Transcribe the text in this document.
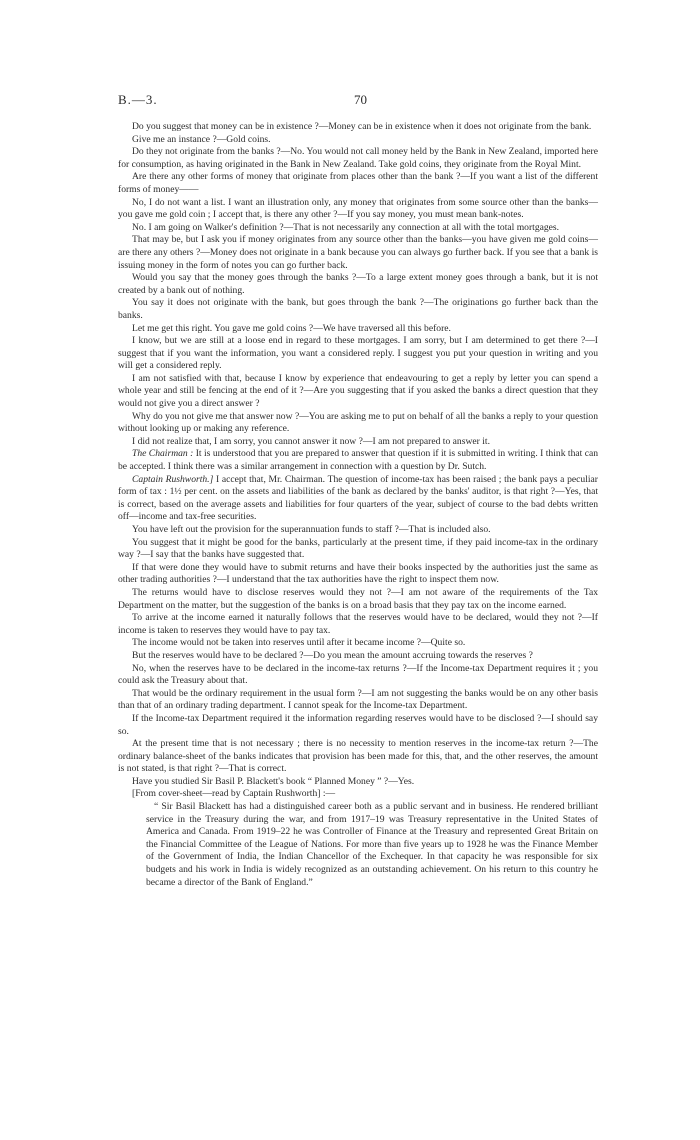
B.—3.	70

Do you suggest that money can be in existence ?—Money can be in existence when it does not originate from the bank.

Give me an instance ?—Gold coins.

Do they not originate from the banks ?—No. You would not call money held by the Bank in New Zealand, imported here for consumption, as having originated in the Bank in New Zealand. Take gold coins, they originate from the Royal Mint.

Are there any other forms of money that originate from places other than the bank ?—If you want a list of the different forms of money——

No, I do not want a list. I want an illustration only, any money that originates from some source other than the banks—you gave me gold coin ; I accept that, is there any other ?—If you say money, you must mean bank-notes.

No. I am going on Walker's definition ?—That is not necessarily any connection at all with the total mortgages.

That may be, but I ask you if money originates from any source other than the banks—you have given me gold coins—are there any others ?—Money does not originate in a bank because you can always go further back. If you see that a bank is issuing money in the form of notes you can go further back.

Would you say that the money goes through the banks ?—To a large extent money goes through a bank, but it is not created by a bank out of nothing.

You say it does not originate with the bank, but goes through the bank ?—The originations go further back than the banks.

Let me get this right. You gave me gold coins ?—We have traversed all this before.

I know, but we are still at a loose end in regard to these mortgages. I am sorry, but I am determined to get there ?—I suggest that if you want the information, you want a considered reply. I suggest you put your question in writing and you will get a considered reply.

I am not satisfied with that, because I know by experience that endeavouring to get a reply by letter you can spend a whole year and still be fencing at the end of it ?—Are you suggesting that if you asked the banks a direct question that they would not give you a direct answer ?

Why do you not give me that answer now ?—You are asking me to put on behalf of all the banks a reply to your question without looking up or making any reference.

I did not realize that, I am sorry, you cannot answer it now ?—I am not prepared to answer it.

The Chairman : It is understood that you are prepared to answer that question if it is submitted in writing. I think that can be accepted. I think there was a similar arrangement in connection with a question by Dr. Sutch.

Captain Rushworth.] I accept that, Mr. Chairman. The question of income-tax has been raised ; the bank pays a peculiar form of tax : 1½ per cent. on the assets and liabilities of the bank as declared by the banks' auditor, is that right ?—Yes, that is correct, based on the average assets and liabilities for four quarters of the year, subject of course to the bad debts written off—income and tax-free securities.

You have left out the provision for the superannuation funds to staff ?—That is included also.

You suggest that it might be good for the banks, particularly at the present time, if they paid income-tax in the ordinary way ?—I say that the banks have suggested that.

If that were done they would have to submit returns and have their books inspected by the authorities just the same as other trading authorities ?—I understand that the tax authorities have the right to inspect them now.

The returns would have to disclose reserves would they not ?—I am not aware of the requirements of the Tax Department on the matter, but the suggestion of the banks is on a broad basis that they pay tax on the income earned.

To arrive at the income earned it naturally follows that the reserves would have to be declared, would they not ?—If income is taken to reserves they would have to pay tax.

The income would not be taken into reserves until after it became income ?—Quite so.

But the reserves would have to be declared ?—Do you mean the amount accruing towards the reserves ?

No, when the reserves have to be declared in the income-tax returns ?—If the Income-tax Department requires it ; you could ask the Treasury about that.

That would be the ordinary requirement in the usual form ?—I am not suggesting the banks would be on any other basis than that of an ordinary trading department. I cannot speak for the Income-tax Department.

If the Income-tax Department required it the information regarding reserves would have to be disclosed ?—I should say so.

At the present time that is not necessary ; there is no necessity to mention reserves in the income-tax return ?—The ordinary balance-sheet of the banks indicates that provision has been made for this, that, and the other reserves, the amount is not stated, is that right ?—That is correct.

Have you studied Sir Basil P. Blackett's book “ Planned Money ” ?—Yes.

[From cover-sheet—read by Captain Rushworth] :—

“ Sir Basil Blackett has had a distinguished career both as a public servant and in business. He rendered brilliant service in the Treasury during the war, and from 1917–19 was Treasury representative in the United States of America and Canada. From 1919–22 he was Controller of Finance at the Treasury and represented Great Britain on the Financial Committee of the League of Nations. For more than five years up to 1928 he was the Finance Member of the Government of India, the Indian Chancellor of the Exchequer. In that capacity he was responsible for six budgets and his work in India is widely recognized as an outstanding achievement. On his return to this country he became a director of the Bank of England.”
